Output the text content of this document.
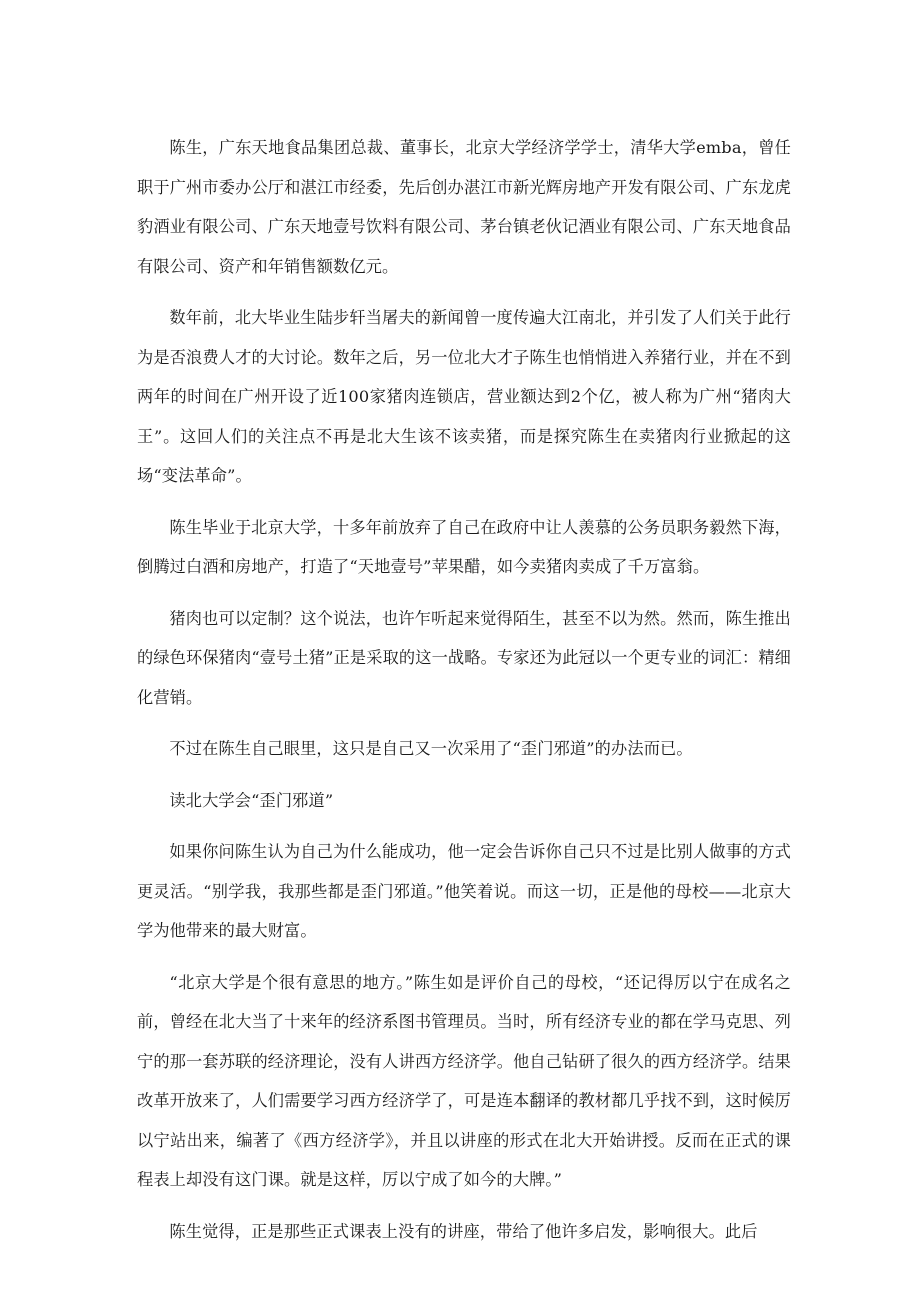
陈生，广东天地食品集团总裁、董事长，北京大学经济学学士，清华大学emba，曾任职于广州市委办公厅和湛江市经委，先后创办湛江市新光辉房地产开发有限公司、广东龙虎豹酒业有限公司、广东天地壹号饮料有限公司、茅台镇老伙记酒业有限公司、广东天地食品有限公司、资产和年销售额数亿元。

数年前，北大毕业生陆步轩当屠夫的新闻曾一度传遍大江南北，并引发了人们关于此行为是否浪费人才的大讨论。数年之后，另一位北大才子陈生也悄悄进入养猪行业，并在不到两年的时间在广州开设了近100家猪肉连锁店，营业额达到2个亿，被人称为广州“猪肉大王”。这回人们的关注点不再是北大生该不该卖猪，而是探究陈生在卖猪肉行业掀起的这场“变法革命”。

陈生毕业于北京大学，十多年前放弃了自己在政府中让人羡慕的公务员职务毅然下海，倒腾过白酒和房地产，打造了“天地壹号”苹果醋，如今卖猪肉卖成了千万富翁。

猪肉也可以定制？这个说法，也许乍听起来觉得陌生，甚至不以为然。然而，陈生推出的绿色环保猪肉“壹号土猪”正是采取的这一战略。专家还为此冠以一个更专业的词汇：精细化营销。

不过在陈生自己眼里，这只是自己又一次采用了“歪门邪道”的办法而已。

读北大学会“歪门邪道”

如果你问陈生认为自己为什么能成功，他一定会告诉你自己只不过是比别人做事的方式更灵活。“别学我，我那些都是歪门邪道。”他笑着说。而这一切，正是他的母校——北京大学为他带来的最大财富。

“北京大学是个很有意思的地方。”陈生如是评价自己的母校，“还记得厉以宁在成名之前，曾经在北大当了十来年的经济系图书管理员。当时，所有经济专业的都在学马克思、列宁的那一套苏联的经济理论，没有人讲西方经济学。他自己钻研了很久的西方经济学。结果改革开放来了，人们需要学习西方经济学了，可是连本翻译的教材都几乎找不到，这时候厉以宁站出来，编著了《西方经济学》，并且以讲座的形式在北大开始讲授。反而在正式的课程表上却没有这门课。就是这样，厉以宁成了如今的大牌。”

陈生觉得，正是那些正式课表上没有的讲座，带给了他许多启发，影响很大。此后
